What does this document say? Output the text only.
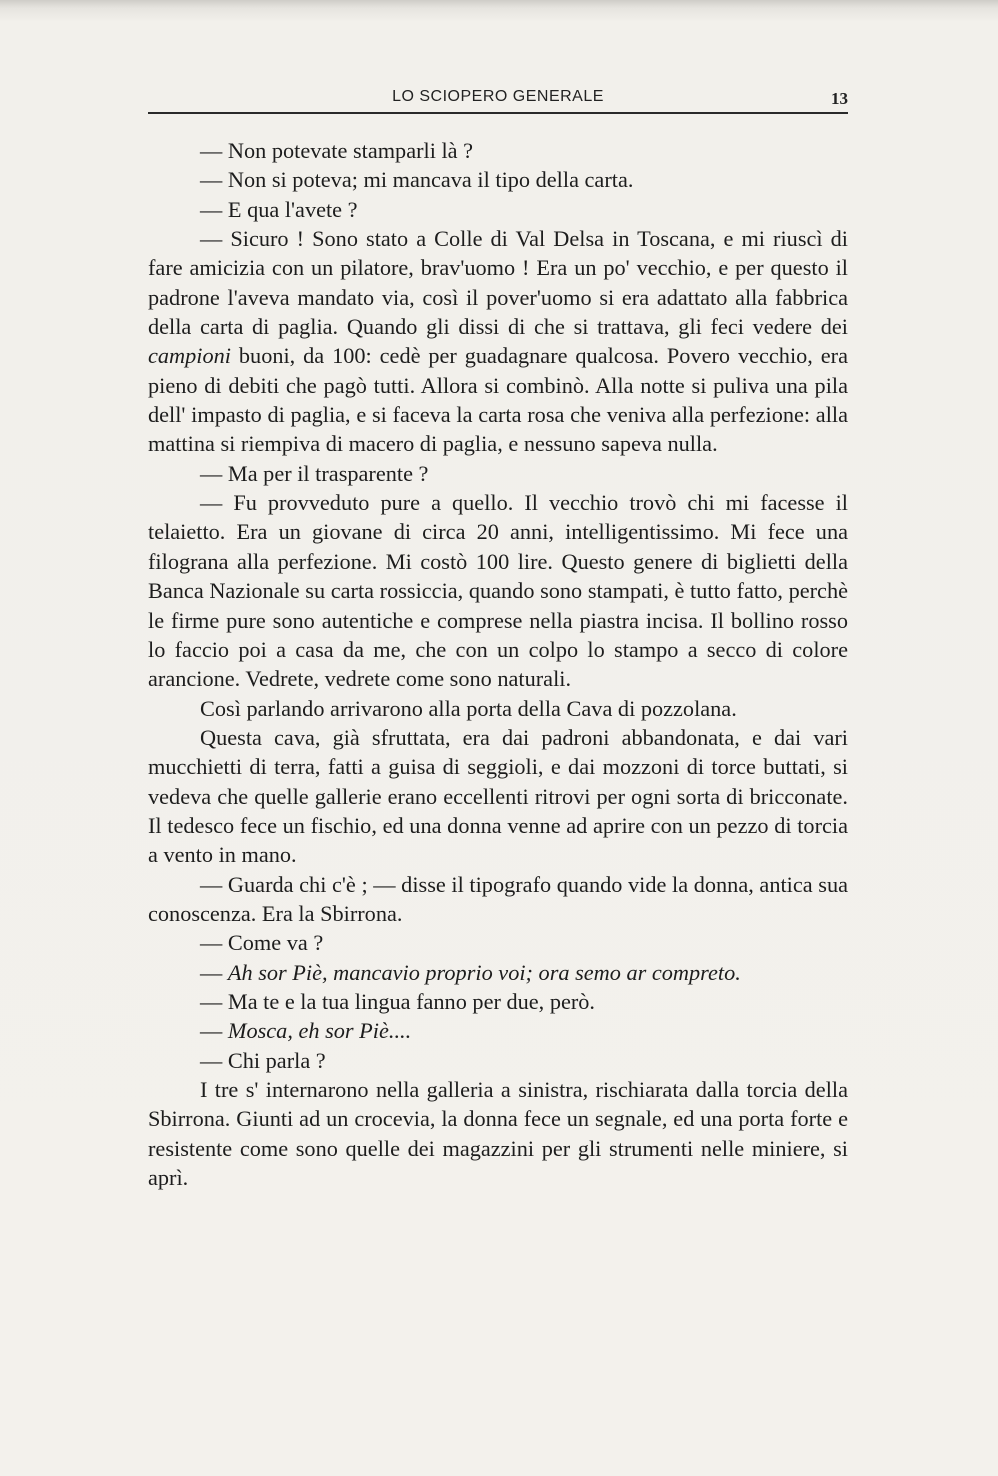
LO SCIOPERO GENERALE	13

— Non potevate stamparli là ?

— Non si poteva; mi mancava il tipo della carta.

— E qua l'avete ?

— Sicuro ! Sono stato a Colle di Val Delsa in Toscana, e mi riuscì di fare amicizia con un pilatore, brav'uomo ! Era un po' vecchio, e per questo il padrone l'aveva mandato via, così il pover'uomo si era adattato alla fabbrica della carta di paglia. Quando gli dissi di che si trattava, gli feci vedere dei campioni buoni, da 100: cedè per guadagnare qualcosa. Povero vecchio, era pieno di debiti che pagò tutti. Allora si combinò. Alla notte si puliva una pila dell' impasto di paglia, e si faceva la carta rosa che veniva alla perfezione: alla mattina si riempiva di macero di paglia, e nessuno sapeva nulla.

— Ma per il trasparente ?

— Fu provveduto pure a quello. Il vecchio trovò chi mi facesse il telaietto. Era un giovane di circa 20 anni, intelligentissimo. Mi fece una filograna alla perfezione. Mi costò 100 lire. Questo genere di biglietti della Banca Nazionale su carta rossiccia, quando sono stampati, è tutto fatto, perchè le firme pure sono autentiche e comprese nella piastra incisa. Il bollino rosso lo faccio poi a casa da me, che con un colpo lo stampo a secco di colore arancione. Vedrete, vedrete come sono naturali.

Così parlando arrivarono alla porta della Cava di pozzolana.

Questa cava, già sfruttata, era dai padroni abbandonata, e dai vari mucchietti di terra, fatti a guisa di seggioli, e dai mozzoni di torce buttati, si vedeva che quelle gallerie erano eccellenti ritrovi per ogni sorta di bricconate. Il tedesco fece un fischio, ed una donna venne ad aprire con un pezzo di torcia a vento in mano.

— Guarda chi c'è ; — disse il tipografo quando vide la donna, antica sua conoscenza. Era la Sbirrona.

— Come va ?

— Ah sor Piè, mancavio proprio voi; ora semo ar compreto.

— Ma te e la tua lingua fanno per due, però.

— Mosca, eh sor Piè....

— Chi parla ?

I tre s' internarono nella galleria a sinistra, rischiarata dalla torcia della Sbirrona. Giunti ad un crocevia, la donna fece un segnale, ed una porta forte e resistente come sono quelle dei magazzini per gli strumenti nelle miniere, si aprì.
